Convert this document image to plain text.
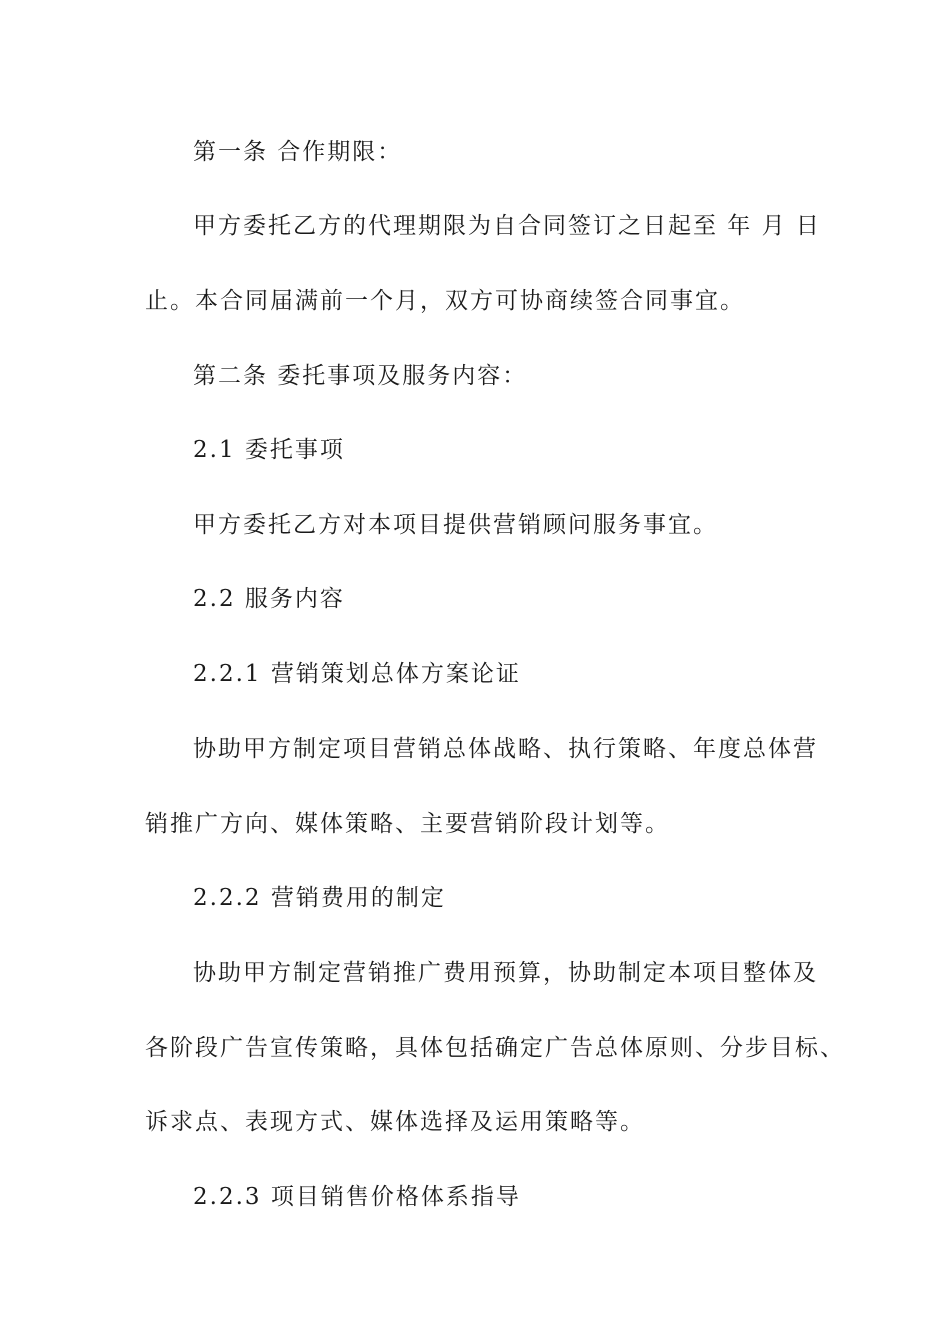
第一条 合作期限：
甲方委托乙方的代理期限为自合同签订之日起至 年 月 日
止。本合同届满前一个月，双方可协商续签合同事宜。
第二条 委托事项及服务内容：
2.1 委托事项
甲方委托乙方对本项目提供营销顾问服务事宜。
2.2 服务内容
2.2.1 营销策划总体方案论证
协助甲方制定项目营销总体战略、执行策略、年度总体营
销推广方向、媒体策略、主要营销阶段计划等。
2.2.2 营销费用的制定
协助甲方制定营销推广费用预算，协助制定本项目整体及
各阶段广告宣传策略，具体包括确定广告总体原则、分步目标、
诉求点、表现方式、媒体选择及运用策略等。
2.2.3 项目销售价格体系指导
